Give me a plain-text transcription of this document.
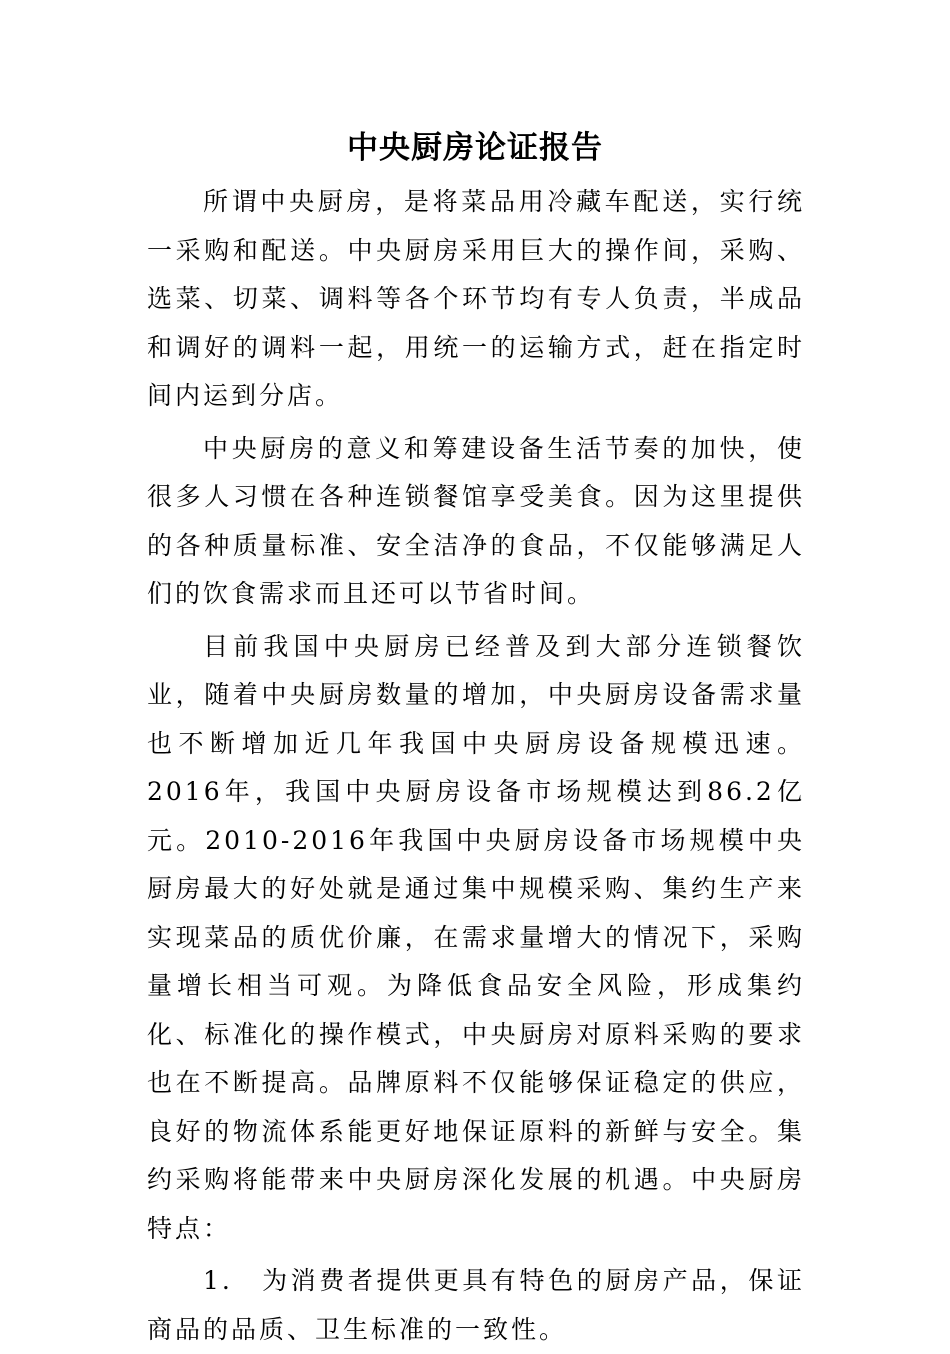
中央厨房论证报告

所谓中央厨房，是将菜品用冷藏车配送，实行统一采购和配送。中央厨房采用巨大的操作间，采购、选菜、切菜、调料等各个环节均有专人负责，半成品和调好的调料一起，用统一的运输方式，赶在指定时间内运到分店。

中央厨房的意义和筹建设备生活节奏的加快，使很多人习惯在各种连锁餐馆享受美食。因为这里提供的各种质量标准、安全洁净的食品，不仅能够满足人们的饮食需求而且还可以节省时间。

目前我国中央厨房已经普及到大部分连锁餐饮业，随着中央厨房数量的增加，中央厨房设备需求量也不断增加近几年我国中央厨房设备规模迅速。2016年，我国中央厨房设备市场规模达到86.2亿元。2010-2016年我国中央厨房设备市场规模中央厨房最大的好处就是通过集中规模采购、集约生产来实现菜品的质优价廉，在需求量增大的情况下，采购量增长相当可观。为降低食品安全风险，形成集约化、标准化的操作模式，中央厨房对原料采购的要求也在不断提高。品牌原料不仅能够保证稳定的供应，良好的物流体系能更好地保证原料的新鲜与安全。集约采购将能带来中央厨房深化发展的机遇。中央厨房特点：

1.　为消费者提供更具有特色的厨房产品，保证商品的品质、卫生标准的一致性。
